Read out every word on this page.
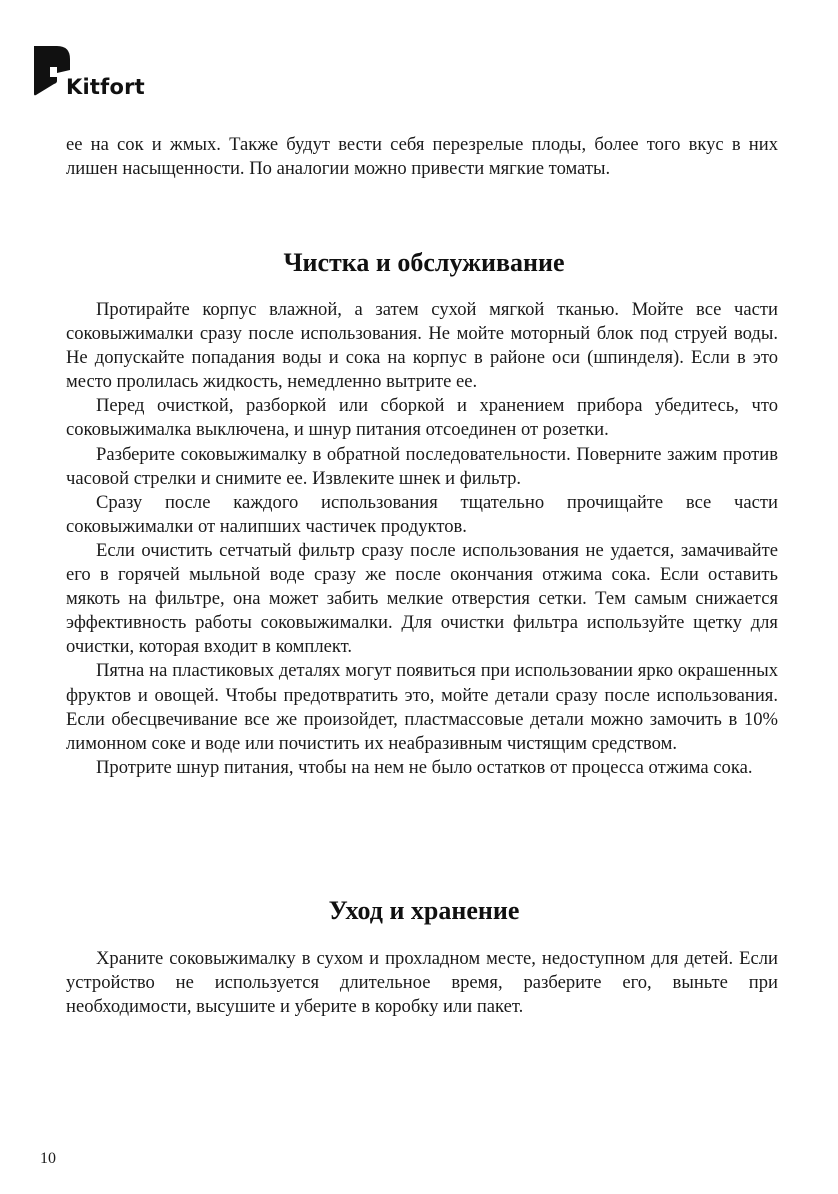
Kitfort

ее на сок и жмых. Также будут вести себя перезрелые плоды, более того вкус в них лишен насыщенности. По аналогии можно привести мягкие томаты.

Чистка и обслуживание

Протирайте корпус влажной, а затем сухой мягкой тканью. Мойте все части соковыжималки сразу после использования. Не мойте моторный блок под струей воды. Не допускайте попадания воды и сока на корпус в районе оси (шпинделя). Если в это место пролилась жидкость, немедленно вытрите ее.

Перед очисткой, разборкой или сборкой и хранением прибора убедитесь, что соковыжималка выключена, и шнур питания отсоединен от розетки.

Разберите соковыжималку в обратной последовательности. Поверните зажим против часовой стрелки и снимите ее. Извлеките шнек и фильтр.

Сразу после каждого использования тщательно прочищайте все части соковыжималки от налипших частичек продуктов.

Если очистить сетчатый фильтр сразу после использования не удается, замачивайте его в горячей мыльной воде сразу же после окончания отжима сока. Если оставить мякоть на фильтре, она может забить мелкие отверстия сетки. Тем самым снижается эффективность работы соковыжималки. Для очистки фильтра используйте щетку для очистки, которая входит в комплект.

Пятна на пластиковых деталях могут появиться при использовании ярко окрашенных фруктов и овощей. Чтобы предотвратить это, мойте детали сразу после использования. Если обесцвечивание все же произойдет, пластмассовые детали можно замочить в 10% лимонном соке и воде или почистить их неабразивным чистящим средством.

Протрите шнур питания, чтобы на нем не было остатков от процесса отжима сока.

Уход и хранение

Храните соковыжималку в сухом и прохладном месте, недоступном для детей. Если устройство не используется длительное время, разберите его, выньте при необходимости, высушите и уберите в коробку или пакет.

10
